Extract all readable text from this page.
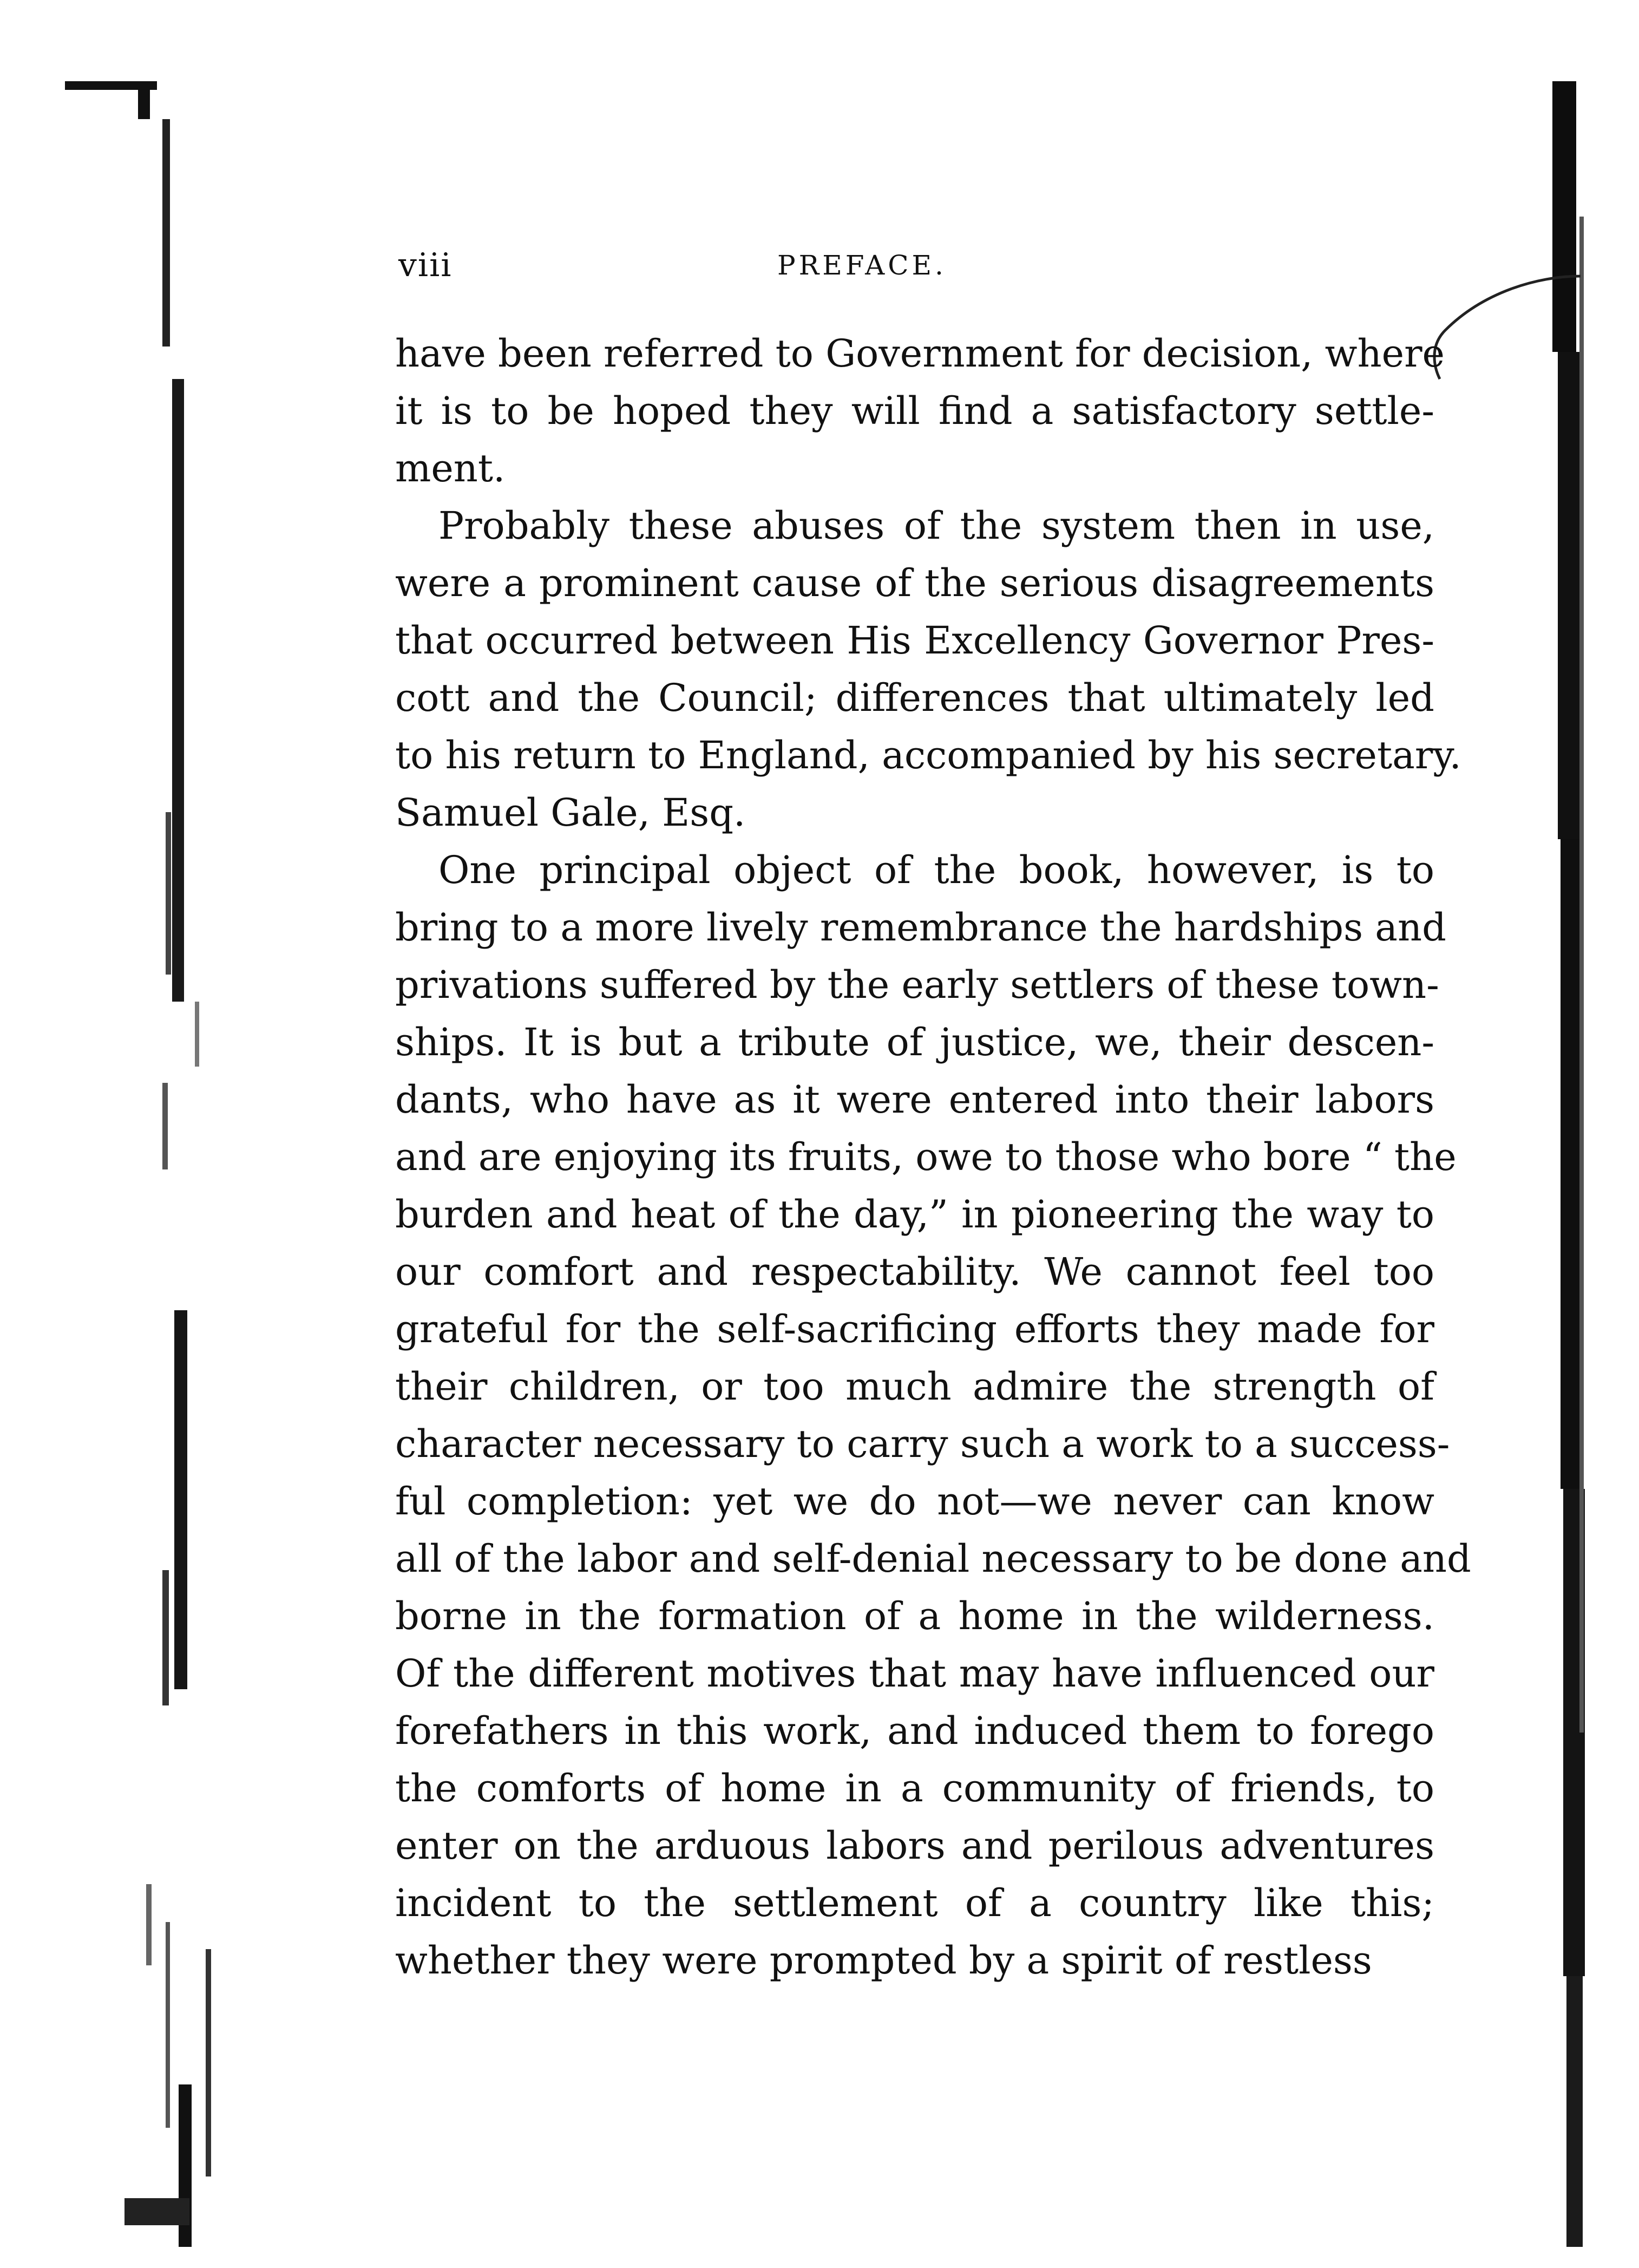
viii	PREFACE.
have been referred to Government for decision, where
it is to be hoped they will find a satisfactory settle-
ment.
Probably these abuses of the system then in use,
were a prominent cause of the serious disagreements
that occurred between His Excellency Governor Pres-
cott and the Council; differences that ultimately led
to his return to England, accompanied by his secretary.
Samuel Gale, Esq.
One principal object of the book, however, is to
bring to a more lively remembrance the hardships and
privations suffered by the early settlers of these town-
ships. It is but a tribute of justice, we, their descen-
dants, who have as it were entered into their labors
and are enjoying its fruits, owe to those who bore “ the
burden and heat of the day,” in pioneering the way to
our comfort and respectability. We cannot feel too
grateful for the self-sacrificing efforts they made for
their children, or too much admire the strength of
character necessary to carry such a work to a success-
ful completion: yet we do not—we never can know
all of the labor and self-denial necessary to be done and
borne in the formation of a home in the wilderness.
Of the different motives that may have influenced our
forefathers in this work, and induced them to forego
the comforts of home in a community of friends, to
enter on the arduous labors and perilous adventures
incident to the settlement of a country like this;
whether they were prompted by a spirit of restless
